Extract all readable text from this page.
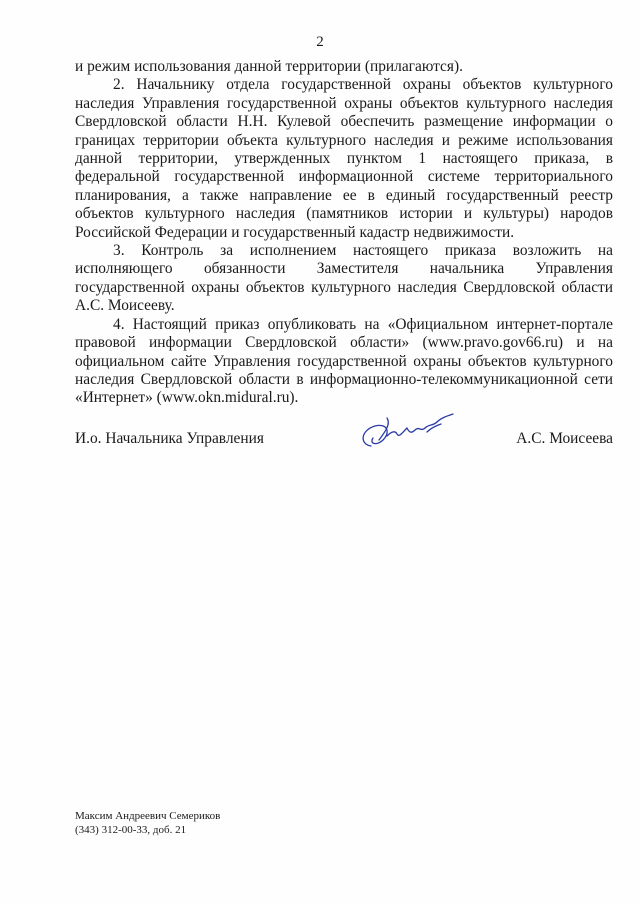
2

и режим использования данной территории (прилагаются).

2. Начальнику отдела государственной охраны объектов культурного наследия Управления государственной охраны объектов культурного наследия Свердловской области Н.Н. Кулевой обеспечить размещение информации о границах территории объекта культурного наследия и режиме использования данной территории, утвержденных пунктом 1 настоящего приказа, в федеральной государственной информационной системе территориального планирования, а также направление ее в единый государственный реестр объектов культурного наследия (памятников истории и культуры) народов Российской Федерации и государственный кадастр недвижимости.

3. Контроль за исполнением настоящего приказа возложить на исполняющего обязанности Заместителя начальника Управления государственной охраны объектов культурного наследия Свердловской области А.С. Моисееву.

4. Настоящий приказ опубликовать на «Официальном интернет-портале правовой информации Свердловской области» (www.pravo.gov66.ru) и на официальном сайте Управления государственной охраны объектов культурного наследия Свердловской области в информационно-телекоммуникационной сети «Интернет» (www.okn.midural.ru).

И.о. Начальника Управления	А.С. Моисеева
Максим Андреевич Семериков
(343) 312-00-33, доб. 21
